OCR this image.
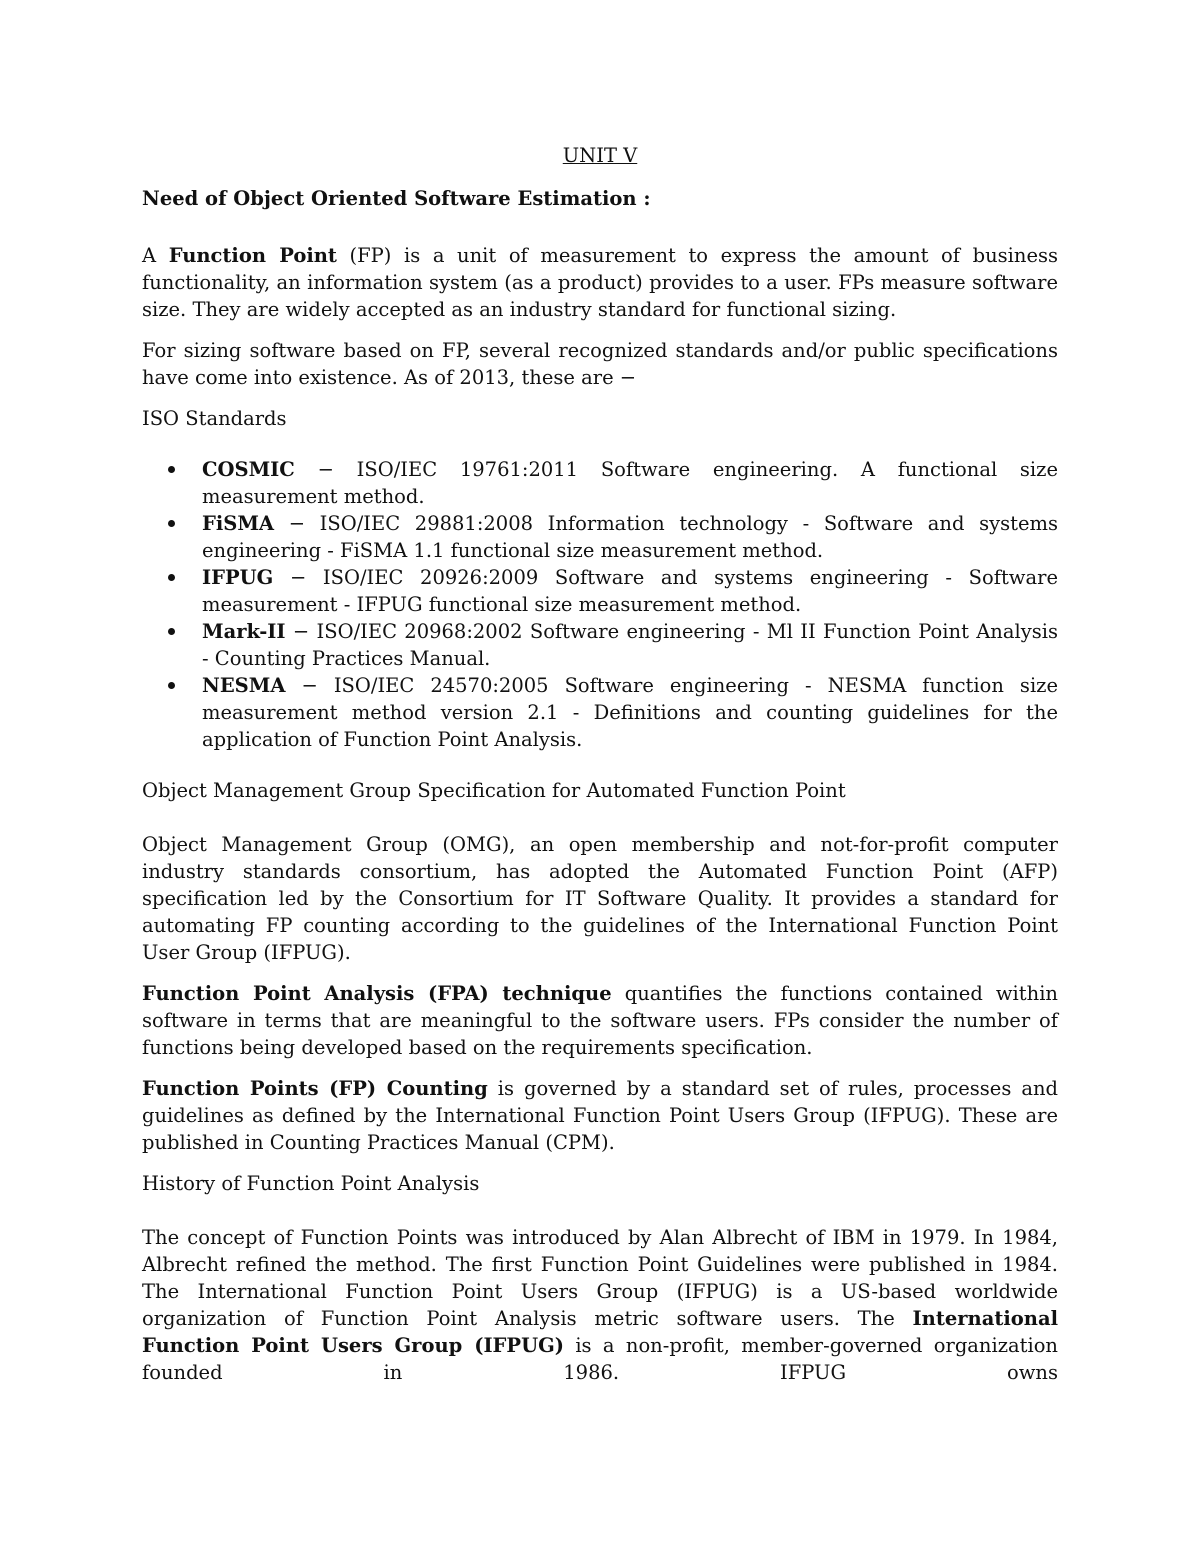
UNIT V

Need of Object Oriented Software Estimation :

A Function Point (FP) is a unit of measurement to express the amount of business functionality, an information system (as a product) provides to a user. FPs measure software size. They are widely accepted as an industry standard for functional sizing.

For sizing software based on FP, several recognized standards and/or public specifications have come into existence. As of 2013, these are −

ISO Standards

COSMIC − ISO/IEC 19761:2011 Software engineering. A functional size measurement method.
FiSMA − ISO/IEC 29881:2008 Information technology - Software and systems engineering - FiSMA 1.1 functional size measurement method.
IFPUG − ISO/IEC 20926:2009 Software and systems engineering - Software measurement - IFPUG functional size measurement method.
Mark-II − ISO/IEC 20968:2002 Software engineering - Ml II Function Point Analysis - Counting Practices Manual.
NESMA − ISO/IEC 24570:2005 Software engineering - NESMA function size measurement method version 2.1 - Definitions and counting guidelines for the application of Function Point Analysis.

Object Management Group Specification for Automated Function Point

Object Management Group (OMG), an open membership and not-for-profit computer industry standards consortium, has adopted the Automated Function Point (AFP) specification led by the Consortium for IT Software Quality. It provides a standard for automating FP counting according to the guidelines of the International Function Point User Group (IFPUG).

Function Point Analysis (FPA) technique quantifies the functions contained within software in terms that are meaningful to the software users. FPs consider the number of functions being developed based on the requirements specification.

Function Points (FP) Counting is governed by a standard set of rules, processes and guidelines as defined by the International Function Point Users Group (IFPUG). These are published in Counting Practices Manual (CPM).

History of Function Point Analysis

The concept of Function Points was introduced by Alan Albrecht of IBM in 1979. In 1984, Albrecht refined the method. The first Function Point Guidelines were published in 1984. The International Function Point Users Group (IFPUG) is a US-based worldwide organization of Function Point Analysis metric software users. The International Function Point Users Group (IFPUG) is a non-profit, member-governed organization founded in 1986. IFPUG owns
